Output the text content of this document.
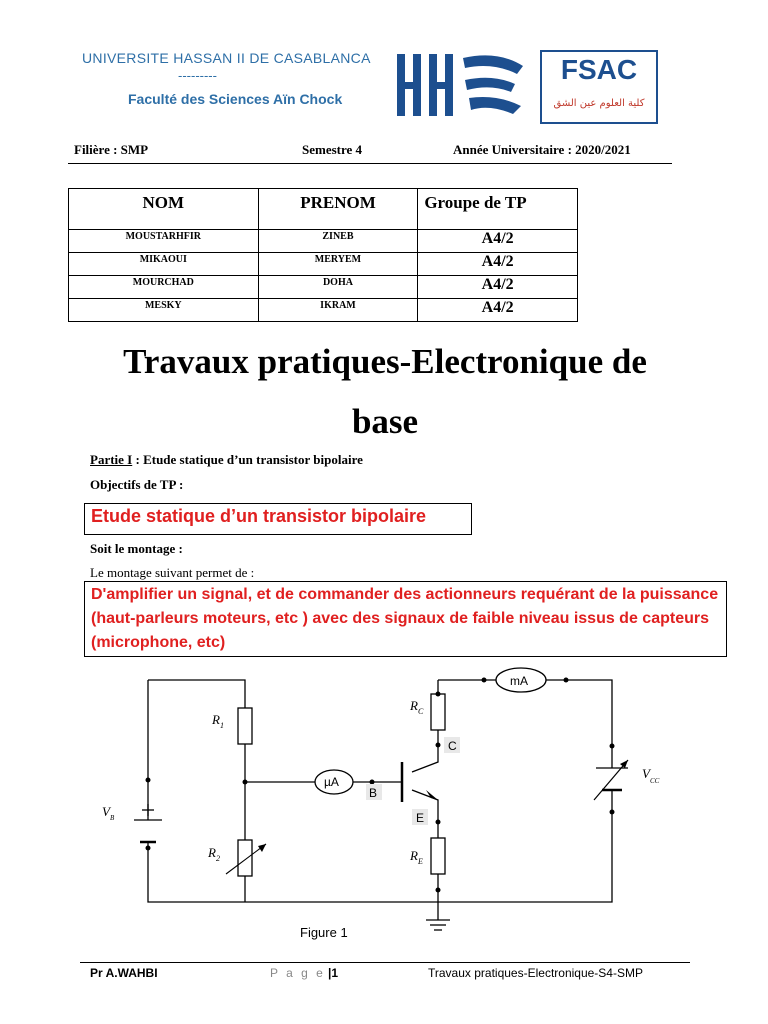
UNIVERSITE HASSAN II DE CASABLANCA
---------
Faculté des Sciences Aïn Chock
FSAC
كلية العلوم عين الشق
Filière : SMP	Semestre 4	Année Universitaire : 2020/2021
NOM	PRENOM	Groupe de TP
MOUSTARHFIR	ZINEB	A4/2
MIKAOUI	MERYEM	A4/2
MOURCHAD	DOHA	A4/2
MESKY	IKRAM	A4/2
Travaux pratiques-Electronique de
base
Partie I : Etude statique d’un transistor bipolaire
Objectifs de TP :
Etude statique d’un transistor bipolaire
Soit le montage :
Le montage suivant permet de :
D'amplifier un signal, et de commander des actionneurs requérant de la puissance (haut-parleurs moteurs, etc ) avec des signaux de faible niveau issus de capteurs (microphone, etc)
$R_1$
$R_2$
$R_C$
$R_E$
$V_B$
$V_{CC}$
µA
mA
B
C
E
Figure 1
Pr A.WAHBI	P a g e |1	Travaux pratiques-Electronique-S4-SMP
